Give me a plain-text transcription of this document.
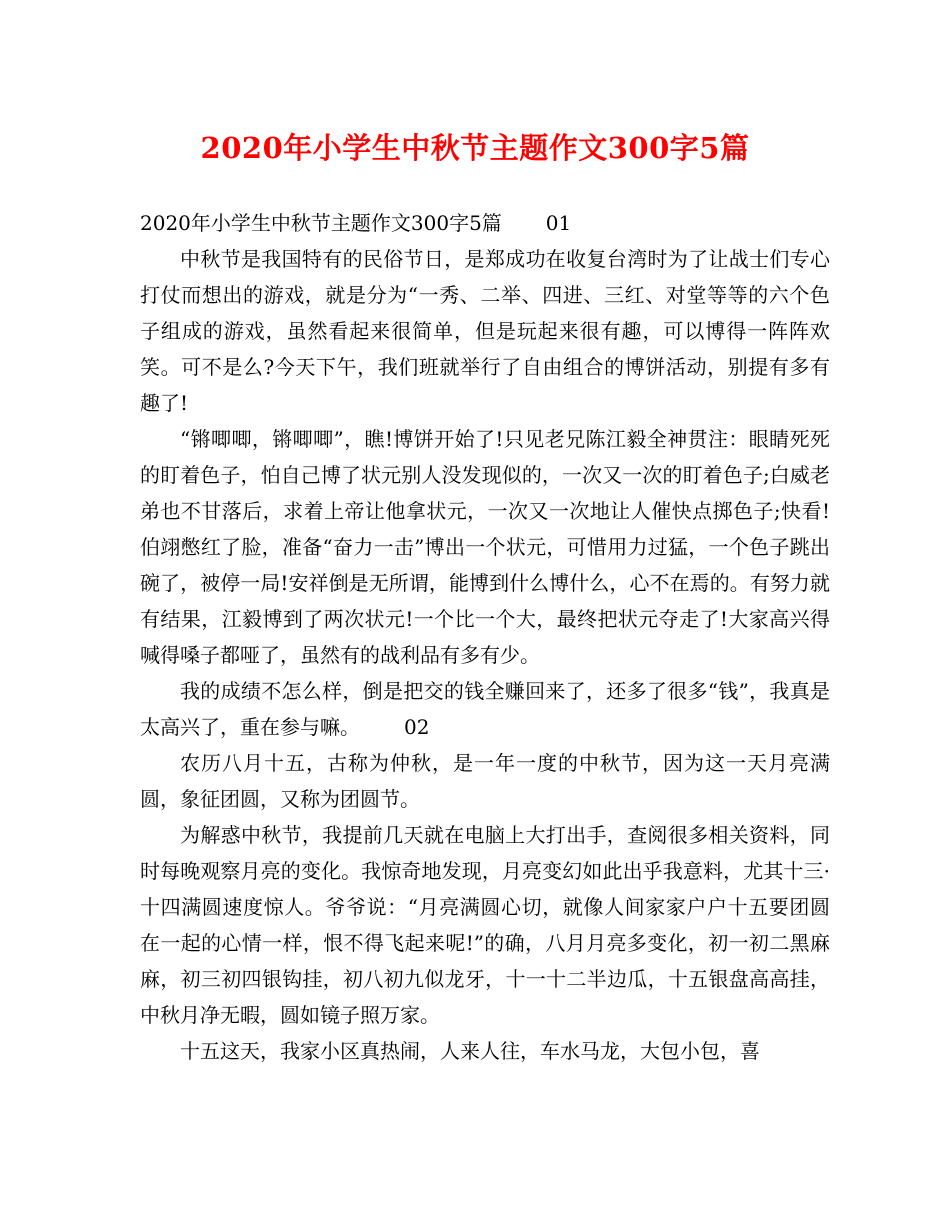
2020年小学生中秋节主题作文300字5篇

2020年小学生中秋节主题作文300字5篇 01

中秋节是我国特有的民俗节日，是郑成功在收复台湾时为了让战士们专心打仗而想出的游戏，就是分为“一秀、二举、四进、三红、对堂等等的六个色子组成的游戏，虽然看起来很简单，但是玩起来很有趣，可以博得一阵阵欢笑。可不是么?今天下午，我们班就举行了自由组合的博饼活动，别提有多有趣了!

“锵唧唧，锵唧唧”，瞧!博饼开始了!只见老兄陈江毅全神贯注：眼睛死死的盯着色子，怕自己博了状元别人没发现似的，一次又一次的盯着色子;白威老弟也不甘落后，求着上帝让他拿状元，一次又一次地让人催快点掷色子;快看!伯翊憋红了脸，准备“奋力一击”博出一个状元，可惜用力过猛，一个色子跳出碗了，被停一局!安祥倒是无所谓，能博到什么博什么，心不在焉的。有努力就有结果，江毅博到了两次状元!一个比一个大，最终把状元夺走了!大家高兴得喊得嗓子都哑了，虽然有的战利品有多有少。

我的成绩不怎么样，倒是把交的钱全赚回来了，还多了很多“钱”，我真是太高兴了，重在参与嘛。 02

农历八月十五，古称为仲秋，是一年一度的中秋节，因为这一天月亮满圆，象征团圆，又称为团圆节。

为解惑中秋节，我提前几天就在电脑上大打出手，查阅很多相关资料，同时每晚观察月亮的变化。我惊奇地发现，月亮变幻如此出乎我意料，尤其十三·十四满圆速度惊人。爷爷说：“月亮满圆心切，就像人间家家户户十五要团圆在一起的心情一样，恨不得飞起来呢!”的确，八月月亮多变化，初一初二黑麻麻，初三初四银钩挂，初八初九似龙牙，十一十二半边瓜，十五银盘高高挂，中秋月净无暇，圆如镜子照万家。

十五这天，我家小区真热闹，人来人往，车水马龙，大包小包，喜
